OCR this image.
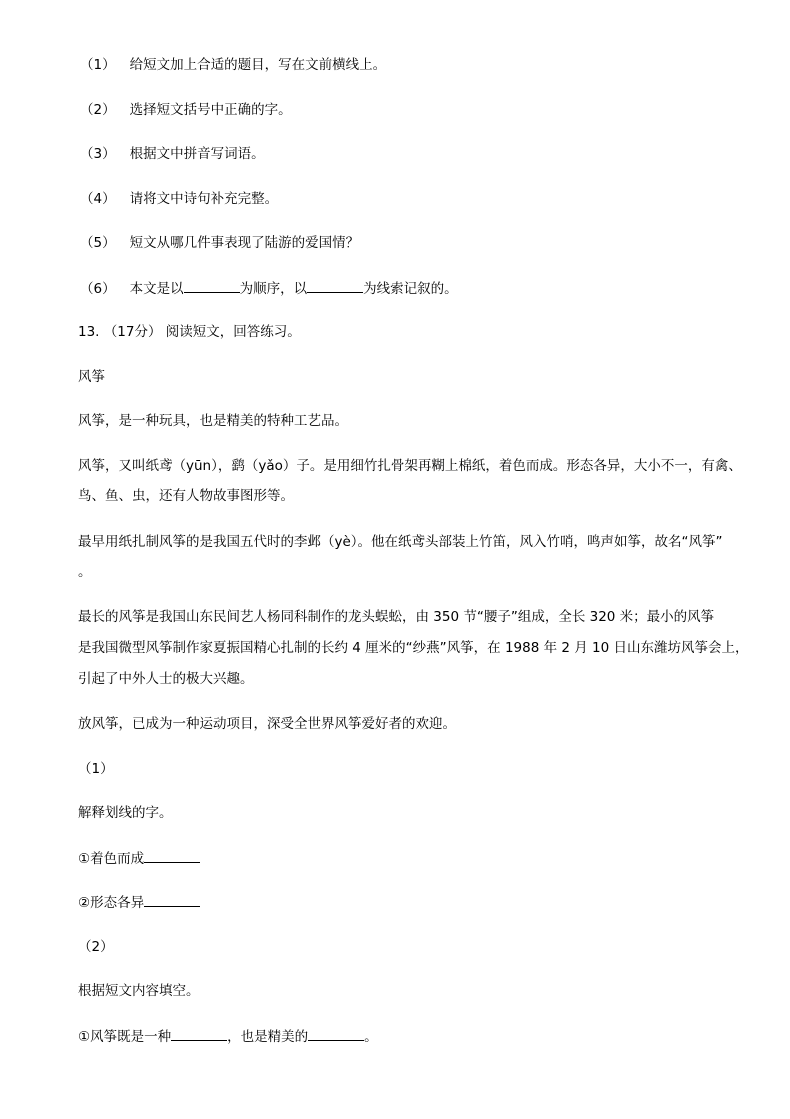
（1） 给短文加上合适的题目，写在文前横线上。
（2） 选择短文括号中正确的字。
（3） 根据文中拼音写词语。
（4） 请将文中诗句补充完整。
（5） 短文从哪几件事表现了陆游的爱国情？
（6） 本文是以	为顺序，以	为线索记叙的。
13. （17分） 阅读短文，回答练习。
风筝
风筝，是一种玩具，也是精美的特种工艺品。
风筝，又叫纸鸢（yūn），鹞（yǎo）子。是用细竹扎骨架再糊上棉纸，着色而成。形态各异，大小不一，有禽、
鸟、鱼、虫，还有人物故事图形等。
最早用纸扎制风筝的是我国五代时的李邺（yè）。他在纸鸢头部装上竹笛，风入竹哨，鸣声如筝，故名“风筝”
。
最长的风筝是我国山东民间艺人杨同科制作的龙头蜈蚣，由 350 节“腰子”组成，全长 320 米；最小的风筝
是我国微型风筝制作家夏振国精心扎制的长约 4 厘米的“纱燕”风筝，在 1988 年 2 月 10 日山东潍坊风筝会上，
引起了中外人士的极大兴趣。
放风筝，已成为一种运动项目，深受全世界风筝爱好者的欢迎。
（1）
解释划线的字。
①着色而成
②形态各异
（2）
根据短文内容填空。
①风筝既是一种	，也是精美的	。
